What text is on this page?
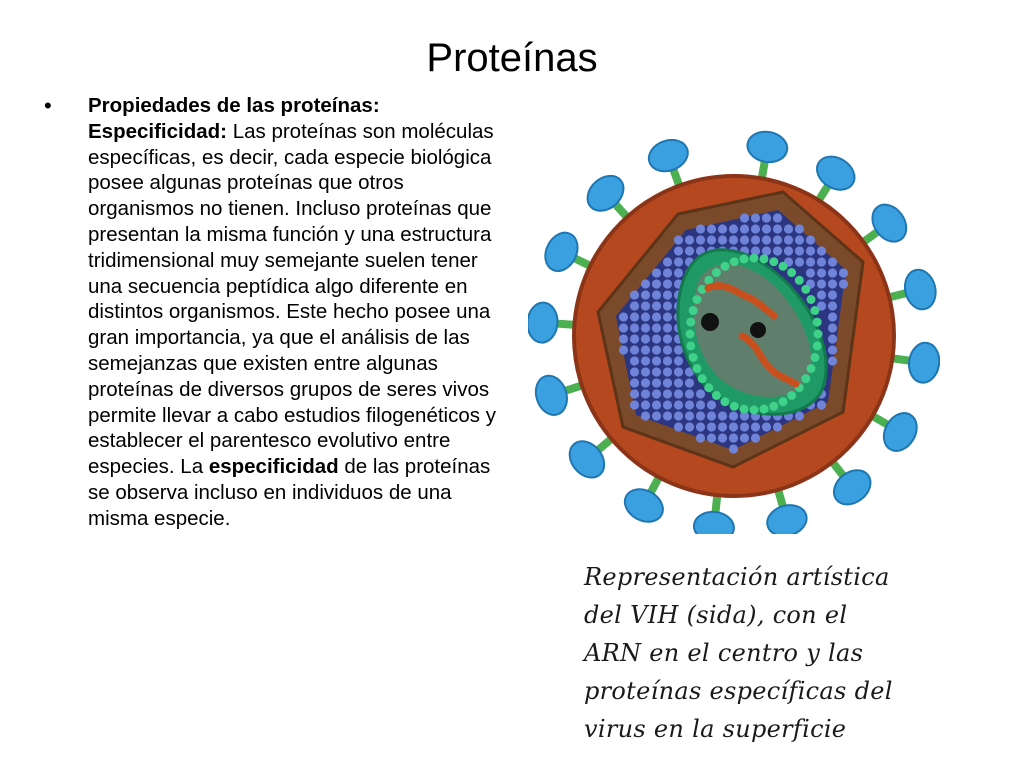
Proteínas
• Propiedades de las proteínas: Especificidad: Las proteínas son moléculas específicas, es decir, cada especie biológica posee algunas proteínas que otros organismos no tienen. Incluso proteínas que presentan la misma función y una estructura tridimensional muy semejante suelen tener una secuencia peptídica algo diferente en distintos organismos. Este hecho posee una gran importancia, ya que el análisis de las semejanzas que existen entre algunas proteínas de diversos grupos de seres vivos permite llevar a cabo estudios filogenéticos y establecer el parentesco evolutivo entre especies. La especificidad de las proteínas se observa incluso en individuos de una misma especie.
Representación artística
del VIH (sida), con el
ARN en el centro y las
proteínas específicas del
virus en la superficie
